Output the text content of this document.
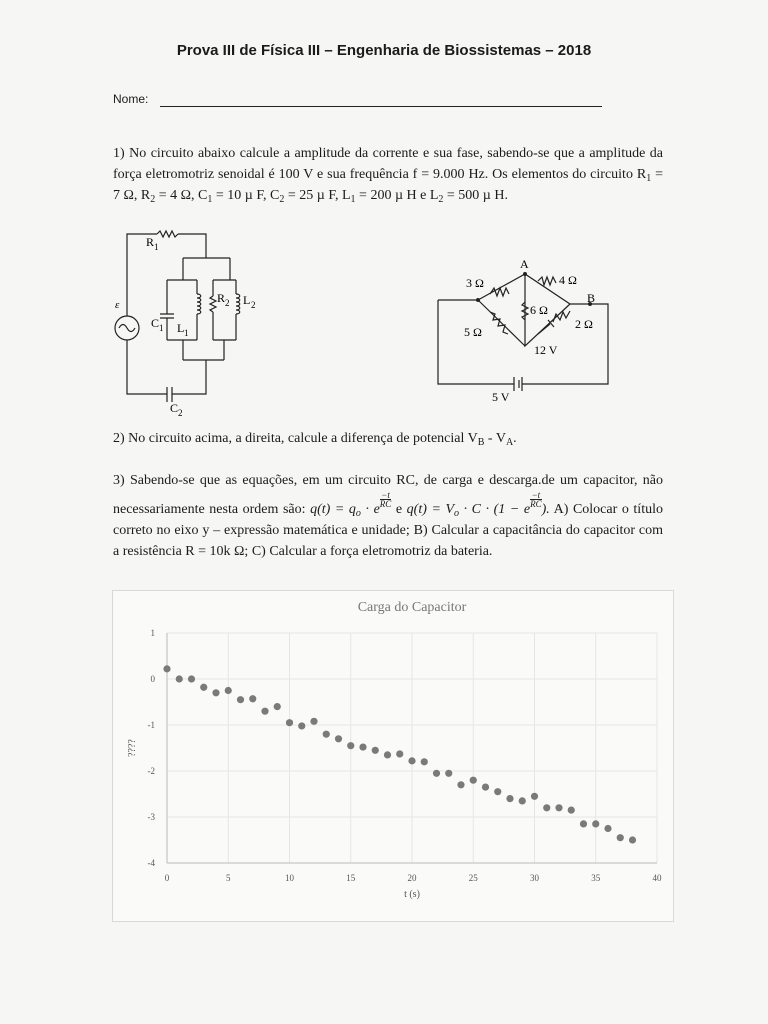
Prova III de Física III – Engenharia de Biossistemas – 2018
Nome:
1) No circuito abaixo calcule a amplitude da corrente e sua fase, sabendo-se que a amplitude da força eletromotriz senoidal é 100 V e sua frequência f = 9.000 Hz. Os elementos do circuito $R_1 = 7$ Ω, $R_2 = 4$ Ω, $C_1 = 10$ µ F, $C_2 = 25$ µ F, $L_1 = 200$ µ H e $L_2 = 500$ µ H.
R 1
ε
C 1 L 1
R 2 L 2
C 2
A
B
3 Ω	4 Ω
6 Ω
5 Ω
2 Ω
12 V
5 V
2) No circuito acima, a direita, calcule a diferença de potencial $V_B - V_A$.
3) Sabendo-se que as equações, em um circuito RC, de carga e descarga.de um capacitor, não necessariamente nesta ordem são: $q(t) = q_o \cdot e$
$\frac{-t}{RC}$
e $q(t) = V_o \cdot C \cdot (1 - e$
$\frac{-t}{RC}$
). A) Colocar o título correto no eixo y – expressão matemática e unidade; B) Calcular a capacitância do capacitor com a resistência R = 10k Ω; C) Calcular a força eletromotriz da bateria.
Carga do Capacitor
0	5	10	15	20	25	30	35	40
1
0
-1
-2
-3
-4
t (s)
????
